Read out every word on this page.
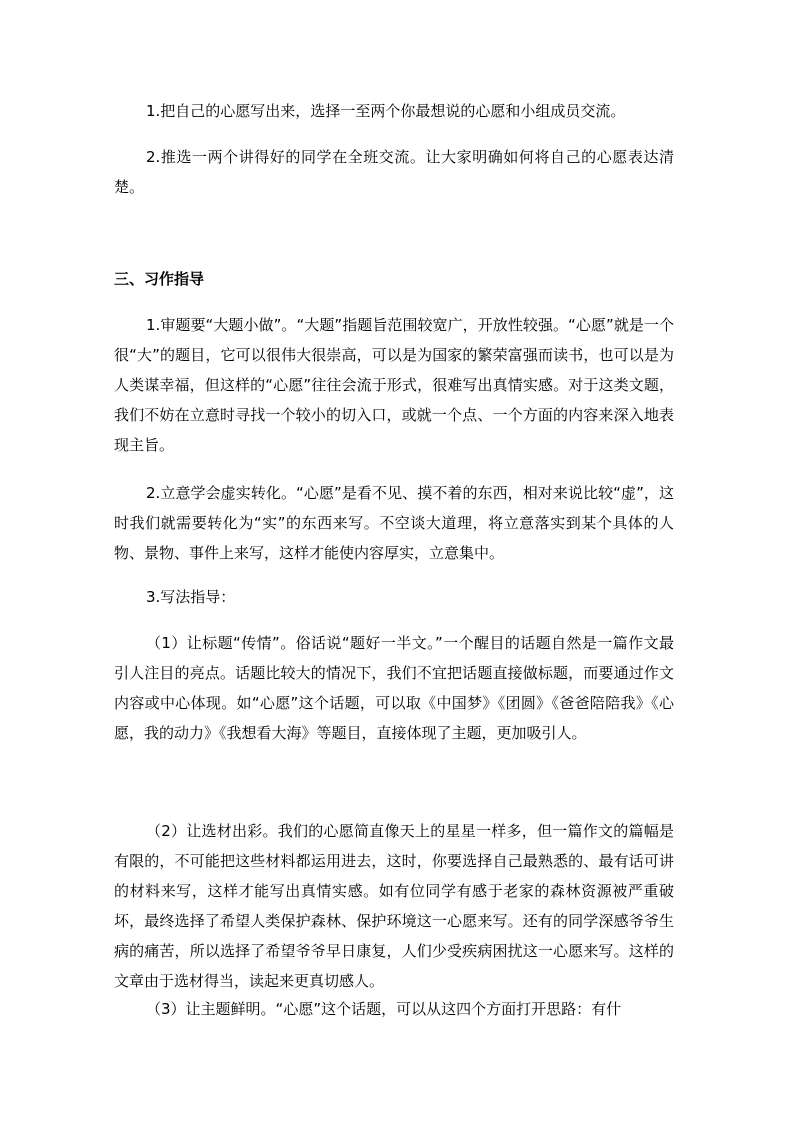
1.把自己的心愿写出来，选择一至两个你最想说的心愿和小组成员交流。
2.推选一两个讲得好的同学在全班交流。让大家明确如何将自己的心愿表达清楚。
三、习作指导
1.审题要“大题小做”。“大题”指题旨范围较宽广，开放性较强。“心愿”就是一个很“大”的题目，它可以很伟大很崇高，可以是为国家的繁荣富强而读书，也可以是为人类谋幸福，但这样的“心愿”往往会流于形式，很难写出真情实感。对于这类文题，我们不妨在立意时寻找一个较小的切入口，或就一个点、一个方面的内容来深入地表现主旨。
2.立意学会虚实转化。“心愿”是看不见、摸不着的东西，相对来说比较“虚”，这时我们就需要转化为“实”的东西来写。不空谈大道理，将立意落实到某个具体的人物、景物、事件上来写，这样才能使内容厚实，立意集中。
3.写法指导：
（1）让标题“传情”。俗话说“题好一半文。”一个醒目的话题自然是一篇作文最引人注目的亮点。话题比较大的情况下，我们不宜把话题直接做标题，而要通过作文内容或中心体现。如“心愿”这个话题，可以取《中国梦》《团圆》《爸爸陪陪我》《心愿，我的动力》《我想看大海》等题目，直接体现了主题，更加吸引人。
（2）让选材出彩。我们的心愿简直像天上的星星一样多，但一篇作文的篇幅是有限的，不可能把这些材料都运用进去，这时，你要选择自己最熟悉的、最有话可讲的材料来写，这样才能写出真情实感。如有位同学有感于老家的森林资源被严重破坏，最终选择了希望人类保护森林、保护环境这一心愿来写。还有的同学深感爷爷生病的痛苦，所以选择了希望爷爷早日康复，人们少受疾病困扰这一心愿来写。这样的文章由于选材得当，读起来更真切感人。
（3）让主题鲜明。“心愿”这个话题，可以从这四个方面打开思路：有什
